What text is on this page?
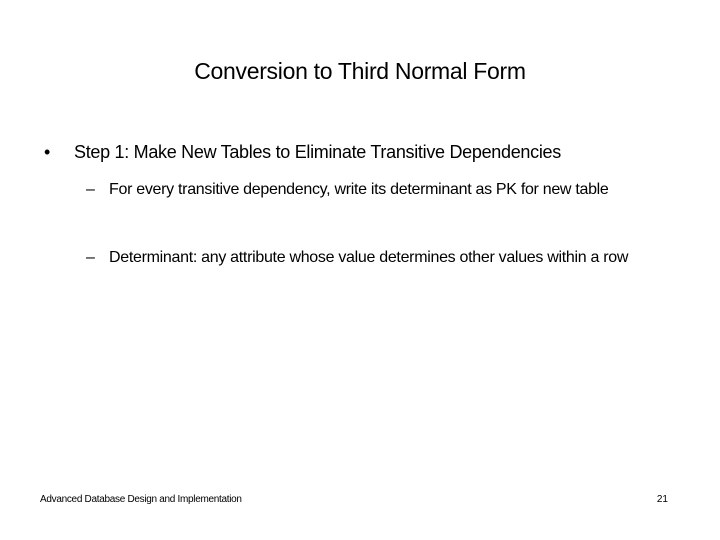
Conversion to Third Normal Form
• Step 1: Make New Tables to Eliminate Transitive Dependencies
– For every transitive dependency, write its determinant as PK for new table
– Determinant: any attribute whose value determines other values within a row
Advanced Database Design and Implementation	21
